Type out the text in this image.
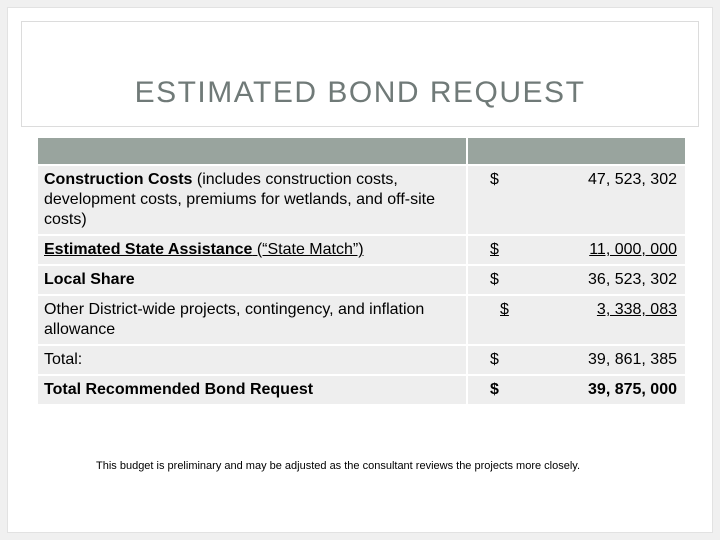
ESTIMATED BOND REQUEST

Construction Costs (includes construction costs, development costs, premiums for wetlands, and off-site costs)	$ 47, 523, 302

Estimated State Assistance (“State Match”)	$ 11, 000, 000

Local Share	$ 36, 523, 302

Other District-wide projects, contingency, and inflation allowance	$ 3, 338, 083

Total:	$ 39, 861, 385

Total Recommended Bond Request	$ 39, 875, 000
This budget is preliminary and may be adjusted as the consultant reviews the projects more closely.
